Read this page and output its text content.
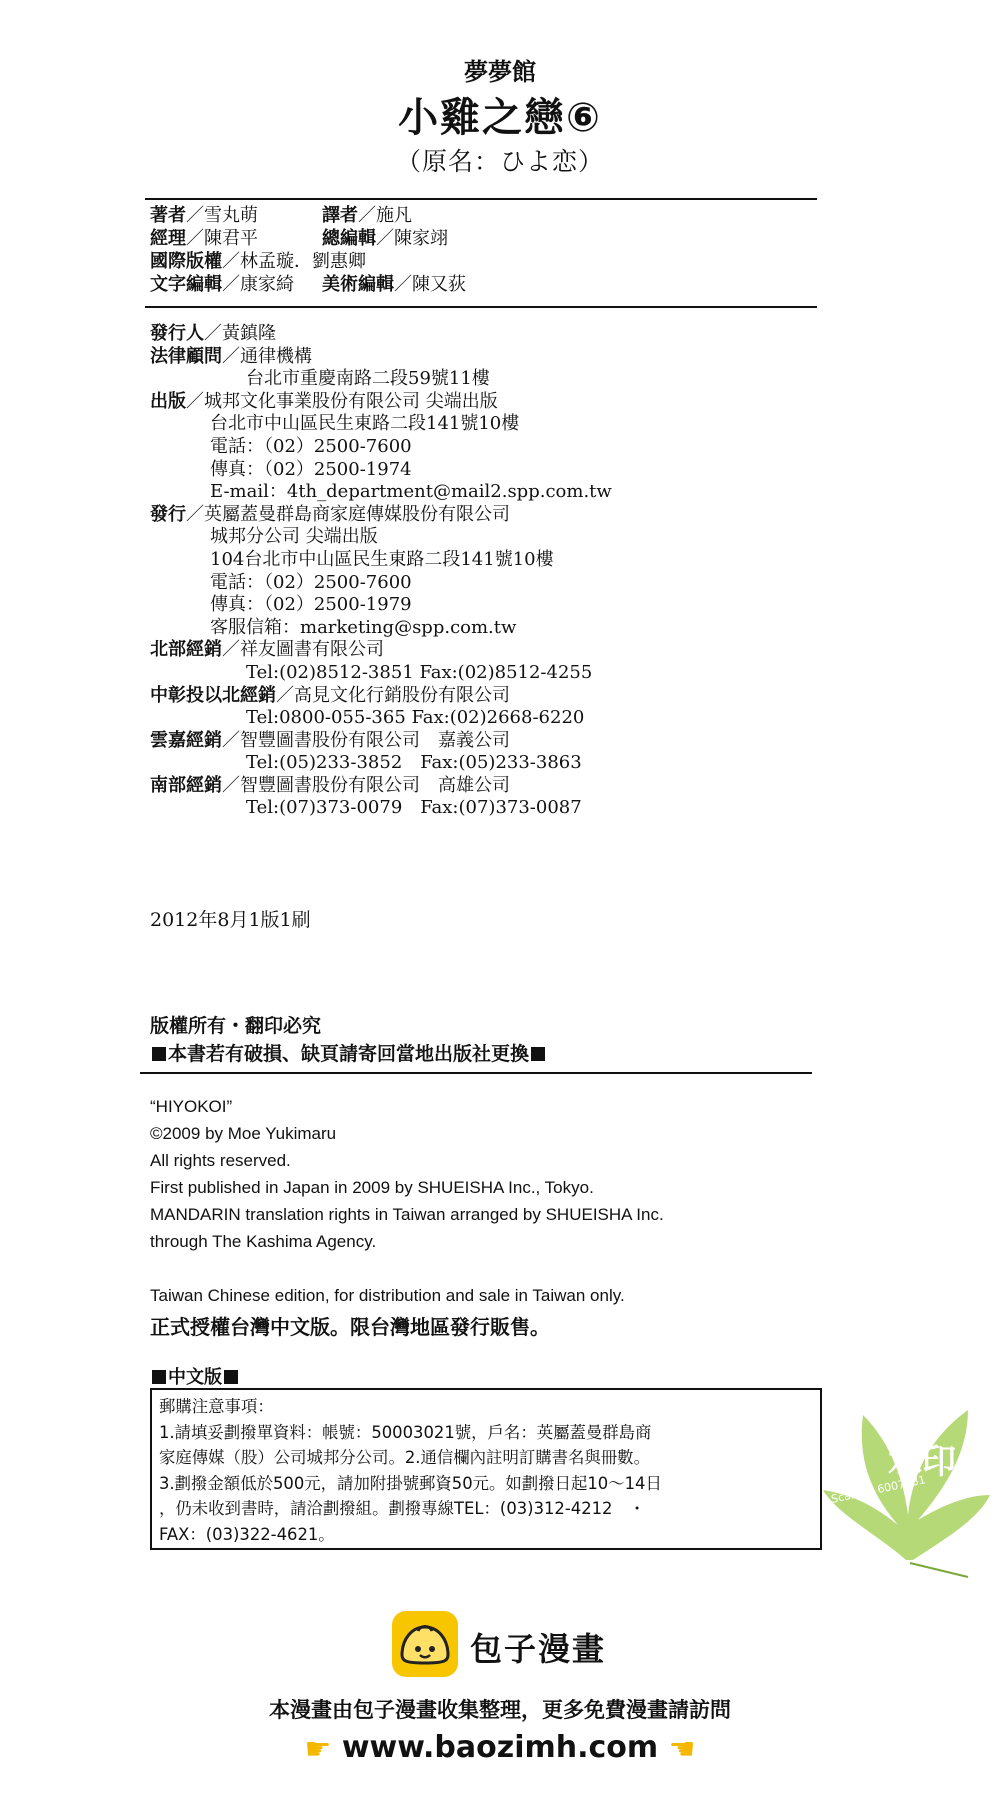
夢夢館
小雞之戀⑥
（原名：ひよ恋）
著者／雪丸萌	譯者／施凡
經理／陳君平	總編輯／陳家翊
國際版權／林孟璇．劉惠卿
文字編輯／康家綺 美術編輯／陳又荻
發行人／黃鎮隆
法律顧問／通律機構
台北市重慶南路二段59號11樓
出版／城邦文化事業股份有限公司 尖端出版
台北市中山區民生東路二段141號10樓
電話：（02）2500-7600
傳真：（02）2500-1974
E-mail：4th_department@mail2.spp.com.tw
發行／英屬蓋曼群島商家庭傳媒股份有限公司
城邦分公司 尖端出版
104台北市中山區民生東路二段141號10樓
電話：（02）2500-7600
傳真：（02）2500-1979
客服信箱：marketing@spp.com.tw
北部經銷／祥友圖書有限公司
Tel:(02)8512-3851 Fax:(02)8512-4255
中彰投以北經銷／高見文化行銷股份有限公司
Tel:0800-055-365 Fax:(02)2668-6220
雲嘉經銷／智豐圖書股份有限公司　嘉義公司
Tel:(05)233-3852　Fax:(05)233-3863
南部經銷／智豐圖書股份有限公司　高雄公司
Tel:(07)373-0079　Fax:(07)373-0087
2012年8月1版1刷
版權所有・翻印必究
本書若有破損、缺頁請寄回當地出版社更換
“HIYOKOI”
©2009 by Moe Yukimaru
All rights reserved.
First published in Japan in 2009 by SHUEISHA Inc., Tokyo.
MANDARIN translation rights in Taiwan arranged by SHUEISHA Inc.
through The Kashima Agency.
Taiwan Chinese edition, for distribution and sale in Taiwan only.
正式授權台灣中文版。限台灣地區發行販售。
中文版
郵購注意事項：
1.請填妥劃撥單資料：帳號：50003021號，戶名：英屬蓋曼群島商
家庭傳媒（股）公司城邦分公司。2.通信欄內註明訂購書名與冊數。
3.劃撥金額低於500元，請加附掛號郵資50元。如劃撥日起10～14日
，仍未收到書時，請洽劃撥組。劃撥專線TEL：(03)312-4212　・
FAX：(03)322-4621。
水印
Scan by 6007081
包子漫畫
本漫畫由包子漫畫收集整理，更多免費漫畫請訪問
☛ www.baozimh.com ☚
